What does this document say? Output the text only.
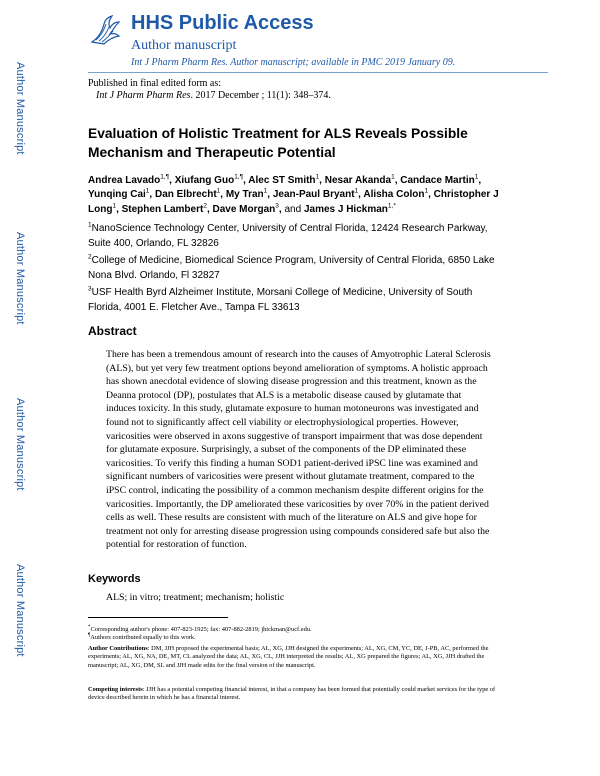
Author Manuscript
Author Manuscript
Author Manuscript
Author Manuscript
HHS Public Access
Author manuscript
Int J Pharm Pharm Res. Author manuscript; available in PMC 2019 January 09.
Published in final edited form as:
Int J Pharm Pharm Res. 2017 December ; 11(1): 348–374.
Evaluation of Holistic Treatment for ALS Reveals Possible Mechanism and Therapeutic Potential
Andrea Lavado$^{1,\P}$, Xiufang Guo$^{1,\P}$, Alec ST Smith$^1$, Nesar Akanda$^1$, Candace Martin$^1$, Yunqing Cai$^1$, Dan Elbrecht$^1$, My Tran$^1$, Jean-Paul Bryant$^1$, Alisha Colon$^1$, Christopher J Long$^1$, Stephen Lambert$^2$, Dave Morgan$^3$, and James J Hickman$^{1,*}$
$^1$NanoScience Technology Center, University of Central Florida, 12424 Research Parkway, Suite 400, Orlando, FL 32826
$^2$College of Medicine, Biomedical Science Program, University of Central Florida, 6850 Lake Nona Blvd. Orlando, Fl 32827
$^3$USF Health Byrd Alzheimer Institute, Morsani College of Medicine, University of South Florida, 4001 E. Fletcher Ave., Tampa FL 33613
Abstract
There has been a tremendous amount of research into the causes of Amyotrophic Lateral Sclerosis (ALS), but yet very few treatment options beyond amelioration of symptoms. A holistic approach has shown anecdotal evidence of slowing disease progression and this treatment, known as the Deanna protocol (DP), postulates that ALS is a metabolic disease caused by glutamate that induces toxicity. In this study, glutamate exposure to human motoneurons was investigated and found not to significantly affect cell viability or electrophysiological properties. However, varicosities were observed in axons suggestive of transport impairment that was dose dependent for glutamate exposure. Surprisingly, a subset of the components of the DP eliminated these varicosities. To verify this finding a human SOD1 patient-derived iPSC line was examined and significant numbers of varicosities were present without glutamate treatment, compared to the iPSC control, indicating the possibility of a common mechanism despite different origins for the varicosities. Importantly, the DP ameliorated these varicosities by over 70% in the patient derived cells as well. These results are consistent with much of the literature on ALS and give hope for treatment not only for arresting disease progression using compounds considered safe but also the potential for restoration of function.
Keywords
ALS; in vitro; treatment; mechanism; holistic
*Corresponding author's phone: 407-823-1925; fax: 407-882-2819; jhickman@ucf.edu.
¶Authors contributed equally to this work.
Author Contributions: DM, JJH proposed the experimental basis; AL, XG, JJH designed the experiments; AL, XG, CM, YC, DE, J-PB, AC, performed the experiments; AL, XG, NA, DE, MT, CL analyzed the data; AL, XG, CL, JJH interpreted the results; AL, XG prepared the figures; AL, XG, JJH drafted the manuscript; AL, XG, DM, SL and JJH made edits for the final version of the manuscript.
Competing interests: JJH has a potential competing financial interest, in that a company has been formed that potentially could market services for the type of device described herein in which he has a financial interest.
